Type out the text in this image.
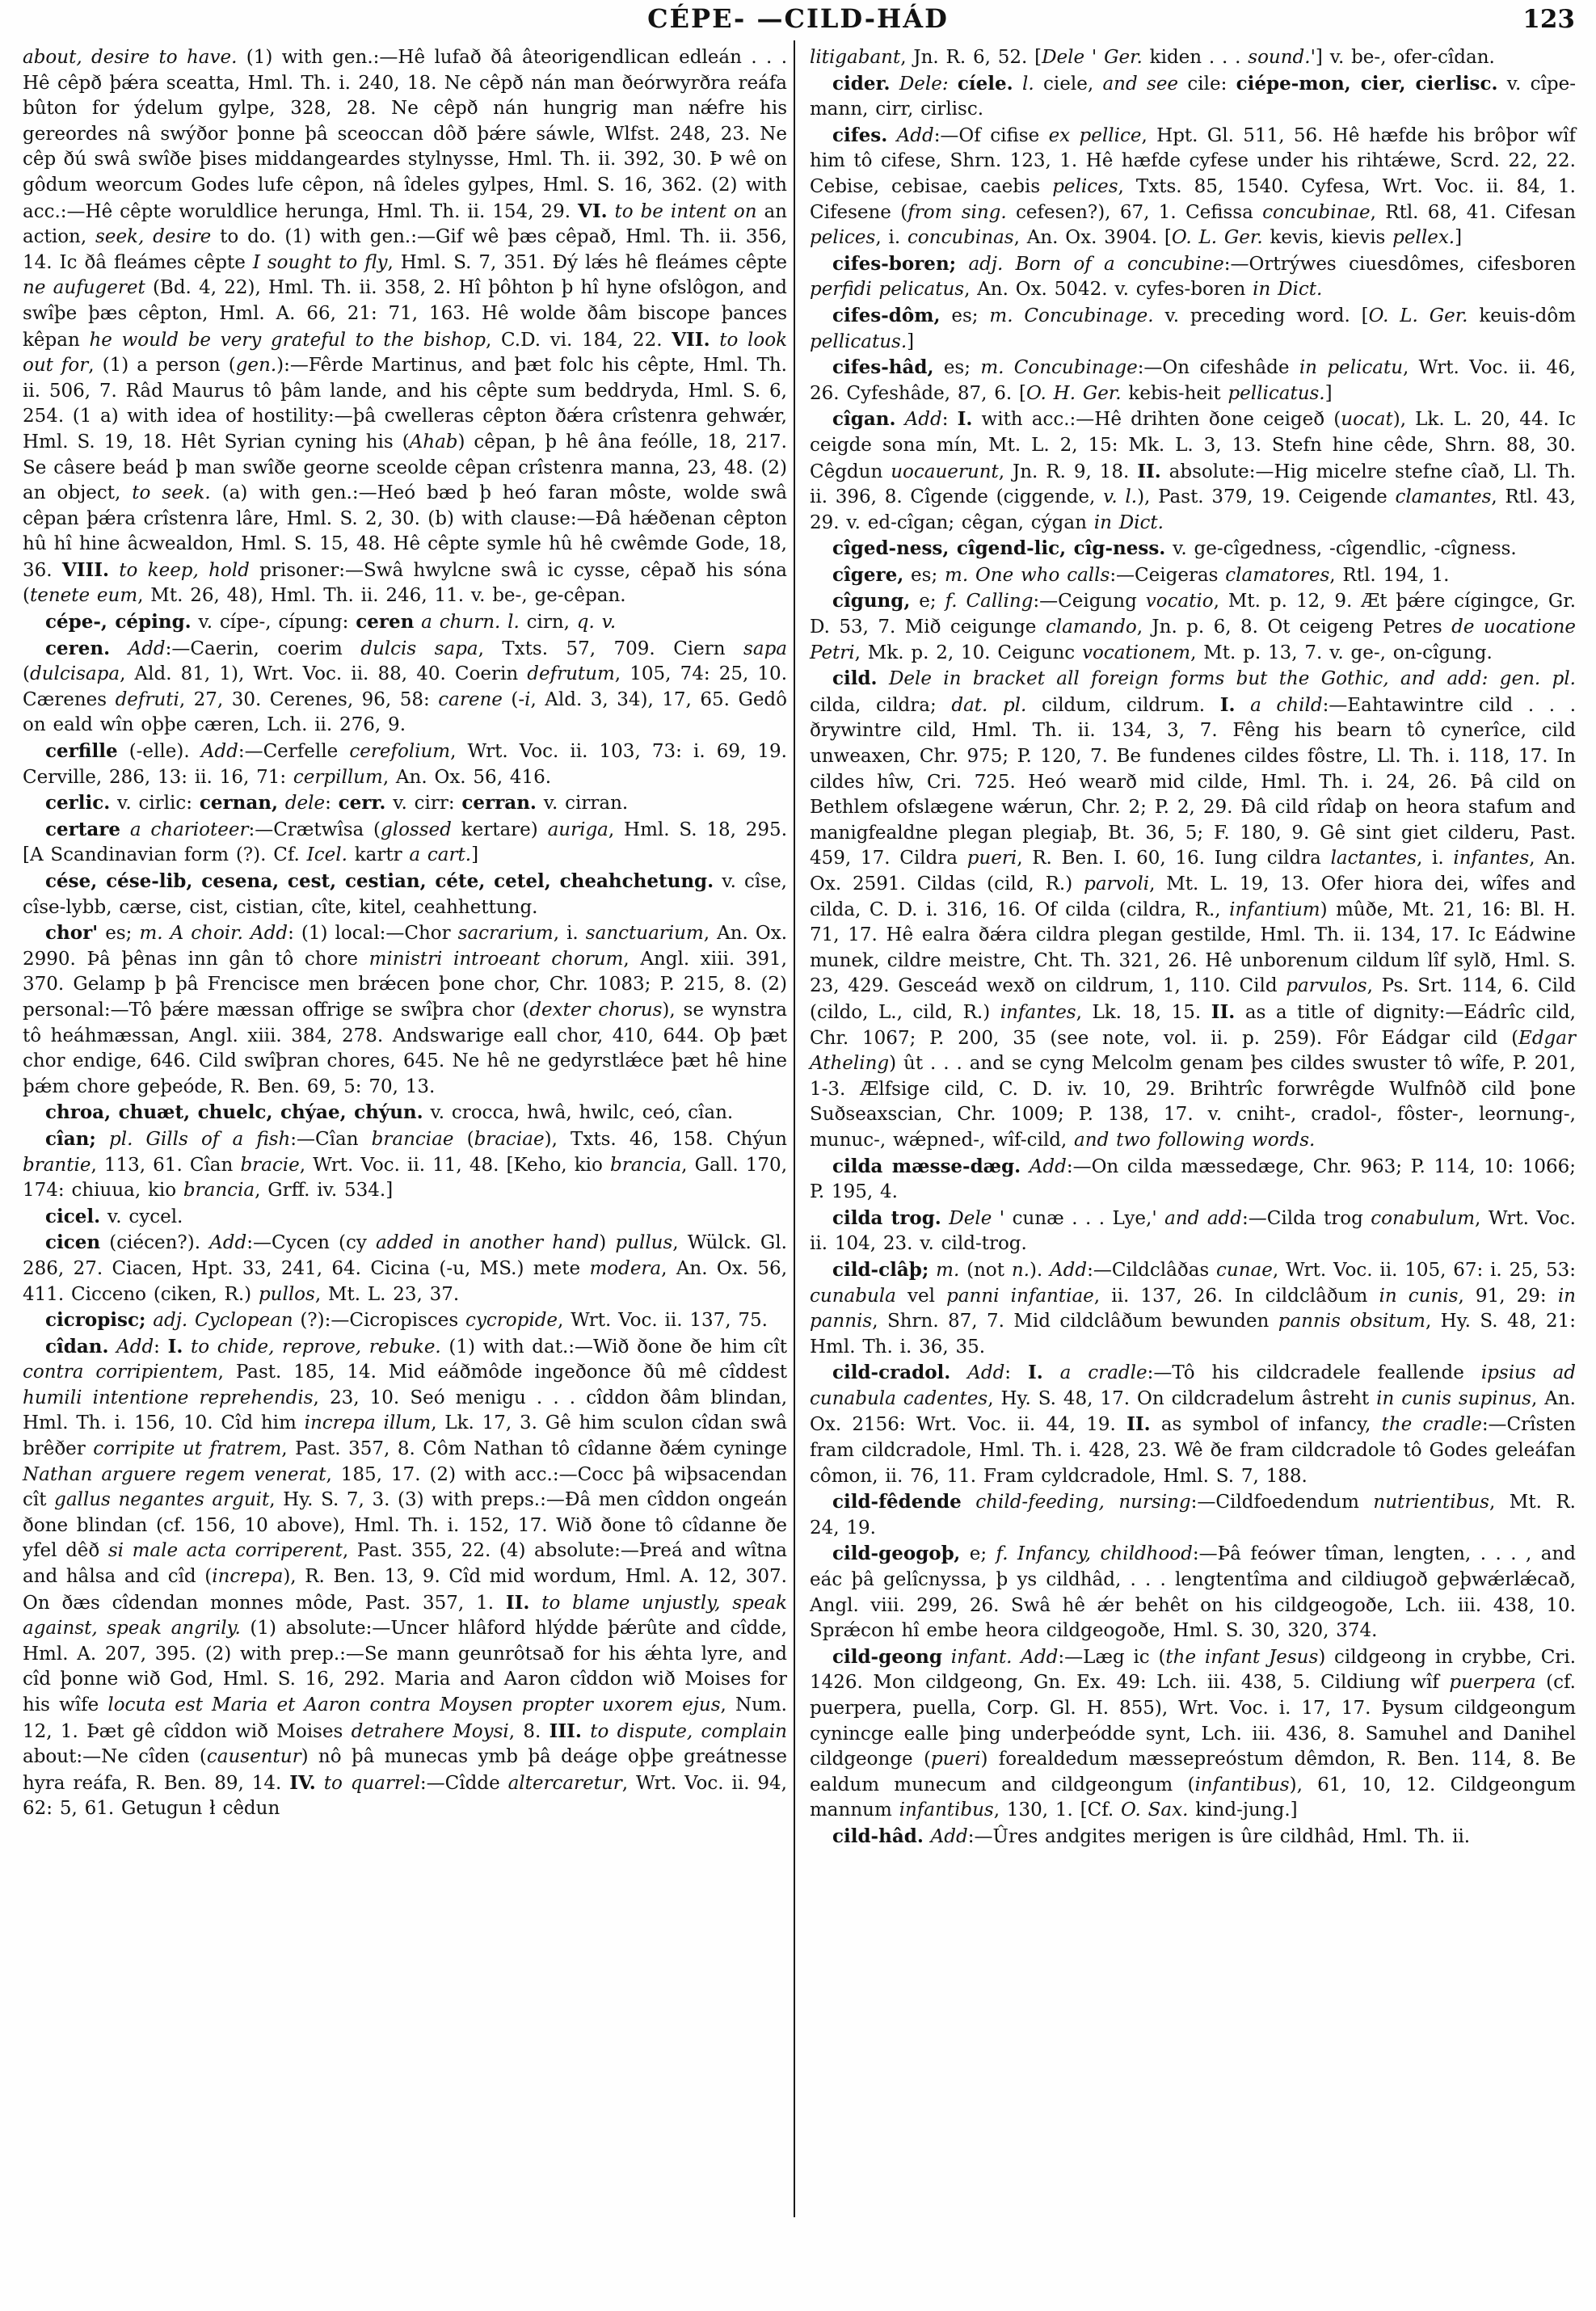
CÉPE- —CILD-HÁD	123

about, desire to have. (1) with gen.:—Hê lufað ðâ âteorigendlican edleán . . . Hê cêpð þǽra sceatta, Hml. Th. i. 240, 18. Ne cêpð nán man ðeórwyrðra reáfa bûton for ýdelum gylpe, 328, 28. Ne cêpð nán hungrig man nǽfre his gereordes nâ swýðor þonne þâ sceoccan dôð þǽre sáwle, Wlfst. 248, 23. Ne cêp ðú swâ swîðe þises middangeardes stylnysse, Hml. Th. ii. 392, 30. Þ wê on gôdum weorcum Godes lufe cêpon, nâ îdeles gylpes, Hml. S. 16, 362. (2) with acc.:—Hê cêpte woruldlice herunga, Hml. Th. ii. 154, 29. VI. to be intent on an action, seek, desire to do. (1) with gen.:—Gif wê þæs cêpað, Hml. Th. ii. 356, 14. Ic ðâ fleámes cêpte I sought to fly, Hml. S. 7, 351. Ðý lǽs hê fleámes cêpte ne aufugeret (Bd. 4, 22), Hml. Th. ii. 358, 2. Hî þôhton þ hî hyne ofslôgon, and swîþe þæs cêpton, Hml. A. 66, 21: 71, 163. Hê wolde ðâm biscope þances kêpan he would be very grateful to the bishop, C.D. vi. 184, 22. VII. to look out for, (1) a person (gen.):—Fêrde Martinus, and þæt folc his cêpte, Hml. Th. ii. 506, 7. Râd Maurus tô þâm lande, and his cêpte sum beddryda, Hml. S. 6, 254. (1 a) with idea of hostility:—þâ cwelleras cêpton ðǽra crîstenra gehwǽr, Hml. S. 19, 18. Hêt Syrian cyning his (Ahab) cêpan, þ hê âna feólle, 18, 217. Se câsere beád þ man swîðe georne sceolde cêpan crîstenra manna, 23, 48. (2) an object, to seek. (a) with gen.:—Heó bæd þ heó faran môste, wolde swâ cêpan þǽra crîstenra lâre, Hml. S. 2, 30. (b) with clause:—Ðâ hǽðenan cêpton hû hî hine âcwealdon, Hml. S. 15, 48. Hê cêpte symle hû hê cwêmde Gode, 18, 36. VIII. to keep, hold prisoner:—Swâ hwylcne swâ ic cysse, cêpað his sóna (tenete eum, Mt. 26, 48), Hml. Th. ii. 246, 11. v. be-, ge-cêpan.

cépe-, céping. v. cípe-, cípung: ceren a churn. l. cirn, q. v.

ceren. Add:—Caerin, coerim dulcis sapa, Txts. 57, 709. Ciern sapa (dulcisapa, Ald. 81, 1), Wrt. Voc. ii. 88, 40. Coerin defrutum, 105, 74: 25, 10. Cærenes defruti, 27, 30. Cerenes, 96, 58: carene (-i, Ald. 3, 34), 17, 65. Gedô on eald wîn oþþe cæren, Lch. ii. 276, 9.

cerfille (-elle). Add:—Cerfelle cerefolium, Wrt. Voc. ii. 103, 73: i. 69, 19. Cerville, 286, 13: ii. 16, 71: cerpillum, An. Ox. 56, 416.

cerlic. v. cirlic: cernan, dele: cerr. v. cirr: cerran. v. cirran.

certare a charioteer:—Crætwîsa (glossed kertare) auriga, Hml. S. 18, 295. [A Scandinavian form (?). Cf. Icel. kartr a cart.]

cése, cése-lib, cesena, cest, cestian, céte, cetel, cheahchetung. v. cîse, cîse-lybb, cærse, cist, cistian, cîte, kitel, ceahhettung.

chor' es; m. A choir. Add: (1) local:—Chor sacrarium, i. sanctuarium, An. Ox. 2990. Þâ þênas inn gân tô chore ministri introeant chorum, Angl. xiii. 391, 370. Gelamp þ þâ Frencisce men brǽcen þone chor, Chr. 1083; P. 215, 8. (2) personal:—Tô þǽre mæssan offrige se swîþra chor (dexter chorus), se wynstra tô heáhmæssan, Angl. xiii. 384, 278. Andswarige eall chor, 410, 644. Oþ þæt chor endige, 646. Cild swîþran chores, 645. Ne hê ne gedyrstlǽce þæt hê hine þǽm chore geþeóde, R. Ben. 69, 5: 70, 13.

chroa, chuæt, chuelc, chýae, chýun. v. crocca, hwâ, hwilc, ceó, cîan.

cîan; pl. Gills of a fish:—Cîan branciae (braciae), Txts. 46, 158. Chýun brantie, 113, 61. Cîan bracie, Wrt. Voc. ii. 11, 48. [Keho, kio brancia, Gall. 170, 174: chiuua, kio brancia, Grff. iv. 534.]

cicel. v. cycel.

cicen (ciécen?). Add:—Cycen (cy added in another hand) pullus, Wülck. Gl. 286, 27. Ciacen, Hpt. 33, 241, 64. Cicina (-u, MS.) mete modera, An. Ox. 56, 411. Cicceno (ciken, R.) pullos, Mt. L. 23, 37.

cicropisc; adj. Cyclopean (?):—Cicropisces cycropide, Wrt. Voc. ii. 137, 75.

cîdan. Add: I. to chide, reprove, rebuke. (1) with dat.:—Wið ðone ðe him cît contra corripientem, Past. 185, 14. Mid eáðmôde ingeðonce ðû mê cîddest humili intentione reprehendis, 23, 10. Seó menigu . . . cîddon ðâm blindan, Hml. Th. i. 156, 10. Cîd him increpa illum, Lk. 17, 3. Gê him sculon cîdan swâ brêðer corripite ut fratrem, Past. 357, 8. Côm Nathan tô cîdanne ðǽm cyninge Nathan arguere regem venerat, 185, 17. (2) with acc.:—Cocc þâ wiþsacendan cît gallus negantes arguit, Hy. S. 7, 3. (3) with preps.:—Ðâ men cîddon ongeán ðone blindan (cf. 156, 10 above), Hml. Th. i. 152, 17. Wið ðone tô cîdanne ðe yfel dêð si male acta corriperent, Past. 355, 22. (4) absolute:—Þreá and wîtna and hâlsa and cîd (increpa), R. Ben. 13, 9. Cîd mid wordum, Hml. A. 12, 307. On ðæs cîdendan monnes môde, Past. 357, 1. II. to blame unjustly, speak against, speak angrily. (1) absolute:—Uncer hlâford hlýdde þǽrûte and cîdde, Hml. A. 207, 395. (2) with prep.:—Se mann geunrôtsað for his ǽhta lyre, and cîd þonne wið God, Hml. S. 16, 292. Maria and Aaron cîddon wið Moises for his wîfe locuta est Maria et Aaron contra Moysen propter uxorem ejus, Num. 12, 1. Þæt gê cîddon wið Moises detrahere Moysi, 8. III. to dispute, complain about:—Ne cîden (causentur) nô þâ munecas ymb þâ deáge oþþe greátnesse hyra reáfa, R. Ben. 89, 14. IV. to quarrel:—Cîdde altercaretur, Wrt. Voc. ii. 94, 62: 5, 61. Getugun ł cêdun

litigabant, Jn. R. 6, 52. [Dele ' Ger. kiden . . . sound.'] v. be-, ofer-cîdan.

cider. Dele: cíele. l. ciele, and see cile: ciépe-mon, cier, cierlisc. v. cîpe-mann, cirr, cirlisc.

cifes. Add:—Of cifise ex pellice, Hpt. Gl. 511, 56. Hê hæfde his brôþor wîf him tô cifese, Shrn. 123, 1. Hê hæfde cyfese under his rihtǽwe, Scrd. 22, 22. Cebise, cebisae, caebis pelices, Txts. 85, 1540. Cyfesa, Wrt. Voc. ii. 84, 1. Cifesene (from sing. cefesen?), 67, 1. Cefissa concubinae, Rtl. 68, 41. Cifesan pelices, i. concubinas, An. Ox. 3904. [O. L. Ger. kevis, kievis pellex.]

cifes-boren; adj. Born of a concubine:—Ortrýwes ciuesdômes, cifesboren perfidi pelicatus, An. Ox. 5042. v. cyfes-boren in Dict.

cifes-dôm, es; m. Concubinage. v. preceding word. [O. L. Ger. keuis-dôm pellicatus.]

cifes-hâd, es; m. Concubinage:—On cifeshâde in pelicatu, Wrt. Voc. ii. 46, 26. Cyfeshâde, 87, 6. [O. H. Ger. kebis-heit pellicatus.]

cîgan. Add: I. with acc.:—Hê drihten ðone ceigeð (uocat), Lk. L. 20, 44. Ic ceigde sona mín, Mt. L. 2, 15: Mk. L. 3, 13. Stefn hine cêde, Shrn. 88, 30. Cêgdun uocauerunt, Jn. R. 9, 18. II. absolute:—Hig micelre stefne cîað, Ll. Th. ii. 396, 8. Cîgende (ciggende, v. l.), Past. 379, 19. Ceigende clamantes, Rtl. 43, 29. v. ed-cîgan; cêgan, cýgan in Dict.

cîged-ness, cîgend-lic, cîg-ness. v. ge-cîgedness, -cîgendlic, -cîgness.

cîgere, es; m. One who calls:—Ceigeras clamatores, Rtl. 194, 1.

cîgung, e; f. Calling:—Ceigung vocatio, Mt. p. 12, 9. Æt þǽre cígingce, Gr. D. 53, 7. Mið ceigunge clamando, Jn. p. 6, 8. Ot ceigeng Petres de uocatione Petri, Mk. p. 2, 10. Ceigunc vocationem, Mt. p. 13, 7. v. ge-, on-cîgung.

cild. Dele in bracket all foreign forms but the Gothic, and add: gen. pl. cilda, cildra; dat. pl. cildum, cildrum. I. a child:—Eahtawintre cild . . . ðrywintre cild, Hml. Th. ii. 134, 3, 7. Fêng his bearn tô cynerîce, cild unweaxen, Chr. 975; P. 120, 7. Be fundenes cildes fôstre, Ll. Th. i. 118, 17. In cildes hîw, Cri. 725. Heó wearð mid cilde, Hml. Th. i. 24, 26. Þâ cild on Bethlem ofslægene wǽrun, Chr. 2; P. 2, 29. Ðâ cild rîdaþ on heora stafum and manigfealdne plegan plegiaþ, Bt. 36, 5; F. 180, 9. Gê sint giet cilderu, Past. 459, 17. Cildra pueri, R. Ben. I. 60, 16. Iung cildra lactantes, i. infantes, An. Ox. 2591. Cildas (cild, R.) parvoli, Mt. L. 19, 13. Ofer hiora dei, wîfes and cilda, C. D. i. 316, 16. Of cilda (cildra, R., infantium) mûðe, Mt. 21, 16: Bl. H. 71, 17. Hê ealra ðǽra cildra plegan gestilde, Hml. Th. ii. 134, 17. Ic Eádwine munek, cildre meistre, Cht. Th. 321, 26. Hê unborenum cildum lîf sylð, Hml. S. 23, 429. Gesceád wexð on cildrum, 1, 110. Cild parvulos, Ps. Srt. 114, 6. Cild (cildo, L., cild, R.) infantes, Lk. 18, 15. II. as a title of dignity:—Eádrîc cild, Chr. 1067; P. 200, 35 (see note, vol. ii. p. 259). Fôr Eádgar cild (Edgar Atheling) ût . . . and se cyng Melcolm genam þes cildes swuster tô wîfe, P. 201, 1-3. Ælfsige cild, C. D. iv. 10, 29. Brihtrîc forwrêgde Wulfnôð cild þone Suðseaxscian, Chr. 1009; P. 138, 17. v. cniht-, cradol-, fôster-, leornung-, munuc-, wǽpned-, wîf-cild, and two following words.

cilda mæsse-dæg. Add:—On cilda mæssedæge, Chr. 963; P. 114, 10: 1066; P. 195, 4.

cilda trog. Dele ' cunæ . . . Lye,' and add:—Cilda trog conabulum, Wrt. Voc. ii. 104, 23. v. cild-trog.

cild-clâþ; m. (not n.). Add:—Cildclâðas cunae, Wrt. Voc. ii. 105, 67: i. 25, 53: cunabula vel panni infantiae, ii. 137, 26. In cildclâðum in cunis, 91, 29: in pannis, Shrn. 87, 7. Mid cildclâðum bewunden pannis obsitum, Hy. S. 48, 21: Hml. Th. i. 36, 35.

cild-cradol. Add: I. a cradle:—Tô his cildcradele feallende ipsius ad cunabula cadentes, Hy. S. 48, 17. On cildcradelum âstreht in cunis supinus, An. Ox. 2156: Wrt. Voc. ii. 44, 19. II. as symbol of infancy, the cradle:—Crîsten fram cildcradole, Hml. Th. i. 428, 23. Wê ðe fram cildcradole tô Godes geleáfan cômon, ii. 76, 11. Fram cyldcradole, Hml. S. 7, 188.

cild-fêdende child-feeding, nursing:—Cildfoedendum nutrientibus, Mt. R. 24, 19.

cild-geogoþ, e; f. Infancy, childhood:—Þâ feówer tîman, lengten, . . . , and eác þâ gelîcnyssa, þ ys cildhâd, . . . lengtentîma and cildiugoð geþwǽrlǽcað, Angl. viii. 299, 26. Swâ hê ǽr behêt on his cildgeogoðe, Lch. iii. 438, 10. Sprǽcon hî embe heora cildgeogoðe, Hml. S. 30, 320, 374.

cild-geong infant. Add:—Læg ic (the infant Jesus) cildgeong in crybbe, Cri. 1426. Mon cildgeong, Gn. Ex. 49: Lch. iii. 438, 5. Cildiung wîf puerpera (cf. puerpera, puella, Corp. Gl. H. 855), Wrt. Voc. i. 17, 17. Þysum cildgeongum cynincge ealle þing underþeódde synt, Lch. iii. 436, 8. Samuhel and Danihel cildgeonge (pueri) forealdedum mæssepreóstum dêmdon, R. Ben. 114, 8. Be ealdum munecum and cildgeongum (infantibus), 61, 10, 12. Cildgeongum mannum infantibus, 130, 1. [Cf. O. Sax. kind-jung.]

cild-hâd. Add:—Ûres andgites merigen is ûre cildhâd, Hml. Th. ii.
